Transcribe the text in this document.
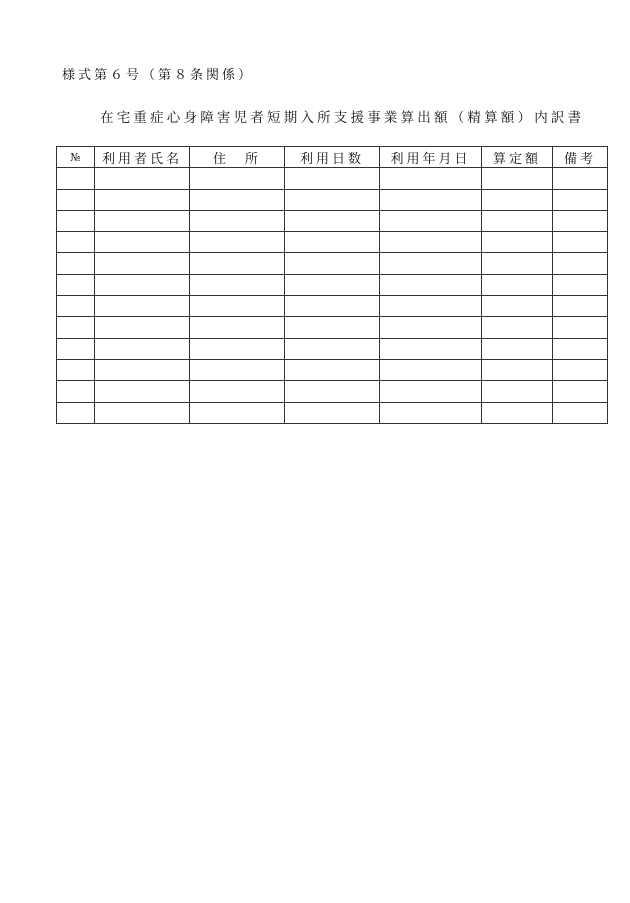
様式第６号（第８条関係）
在宅重症心身障害児者短期入所支援事業算出額（精算額）内訳書
№	利用者氏名	住　所	利用日数	利用年月日	算定額	備考
